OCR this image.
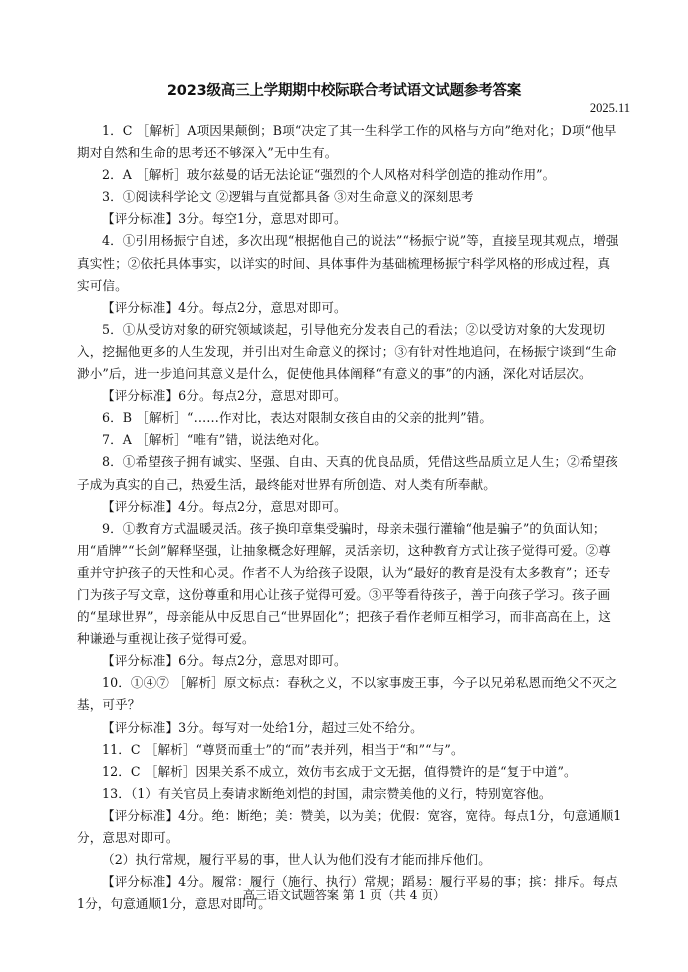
2023级高三上学期期中校际联合考试语文试题参考答案
2025.11

1．C ［解析］A项因果颠倒；B项“决定了其一生科学工作的风格与方向”绝对化；D项“他早期对自然和生命的思考还不够深入”无中生有。

2．A ［解析］玻尔兹曼的话无法论证“强烈的个人风格对科学创造的推动作用”。

3．①阅读科学论文 ②逻辑与直觉都具备 ③对生命意义的深刻思考

【评分标准】3分。每空1分，意思对即可。

4．①引用杨振宁自述，多次出现“根据他自己的说法”“杨振宁说”等，直接呈现其观点，增强真实性；②依托具体事实，以详实的时间、具体事件为基础梳理杨振宁科学风格的形成过程，真实可信。

【评分标准】4分。每点2分，意思对即可。

5．①从受访对象的研究领域谈起，引导他充分发表自己的看法；②以受访对象的大发现切入，挖掘他更多的人生发现，并引出对生命意义的探讨；③有针对性地追问，在杨振宁谈到“生命渺小”后，进一步追问其意义是什么，促使他具体阐释“有意义的事”的内涵，深化对话层次。

【评分标准】6分。每点2分，意思对即可。

6．B ［解析］“……作对比，表达对限制女孩自由的父亲的批判”错。

7．A ［解析］“唯有”错，说法绝对化。

8．①希望孩子拥有诚实、坚强、自由、天真的优良品质，凭借这些品质立足人生；②希望孩子成为真实的自己，热爱生活，最终能对世界有所创造、对人类有所奉献。

【评分标准】4分。每点2分，意思对即可。

9．①教育方式温暖灵活。孩子换印章集受骗时，母亲未强行灌输“他是骗子”的负面认知；用“盾牌”“长剑”解释坚强，让抽象概念好理解，灵活亲切，这种教育方式让孩子觉得可爱。②尊重并守护孩子的天性和心灵。作者不人为给孩子设限，认为“最好的教育是没有太多教育”；还专门为孩子写文章，这份尊重和用心让孩子觉得可爱。③平等看待孩子，善于向孩子学习。孩子画的“星球世界”，母亲能从中反思自己“世界固化”；把孩子看作老师互相学习，而非高高在上，这种谦逊与重视让孩子觉得可爱。

【评分标准】6分。每点2分，意思对即可。

10．①④⑦ ［解析］原文标点：春秋之义，不以家事废王事，今子以兄弟私恩而绝父不灭之基，可乎？

【评分标准】3分。每写对一处给1分，超过三处不给分。

11．C ［解析］“尊贤而重士”的“而”表并列，相当于“和”“与”。

12．C ［解析］因果关系不成立，效仿韦玄成于文无据，值得赞许的是“复于中道”。

13．（1）有关官员上奏请求断绝刘恺的封国，肃宗赞美他的义行，特别宽容他。

【评分标准】4分。绝：断绝；美：赞美，以为美；优假：宽容，宽待。每点1分，句意通顺1分，意思对即可。

（2）执行常规，履行平易的事，世人认为他们没有才能而排斥他们。

【评分标准】4分。履常：履行（施行、执行）常规；蹈易：履行平易的事；摈：排斥。每点1分，句意通顺1分，意思对即可。

高三语文试题答案 第 1 页（共 4 页）
